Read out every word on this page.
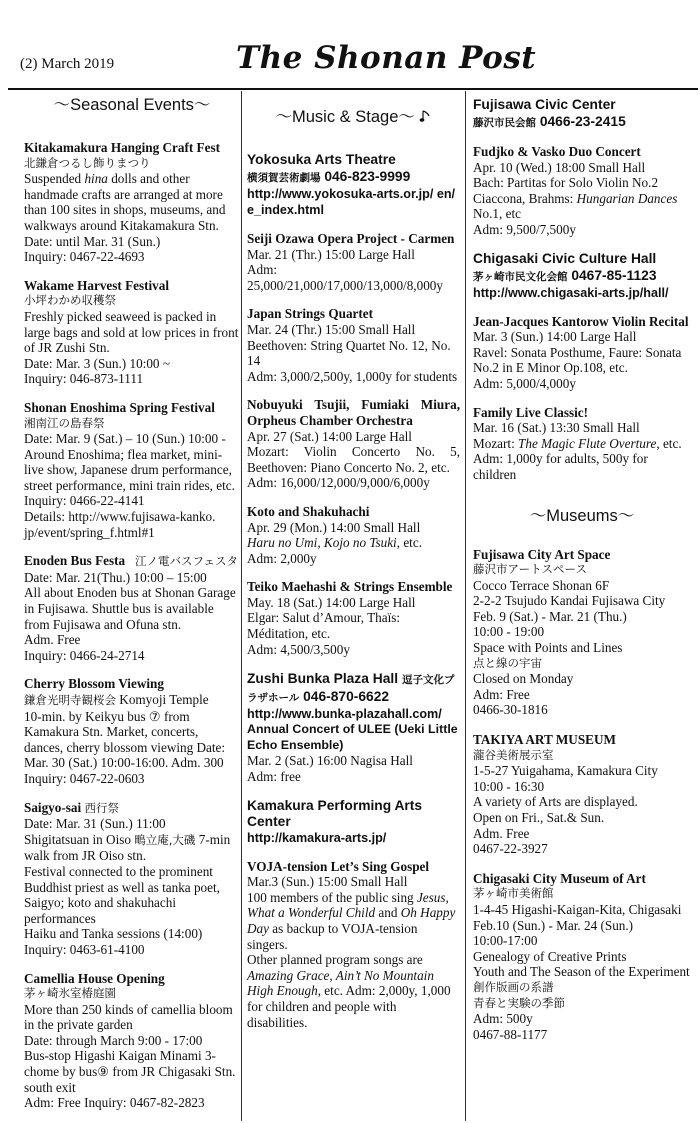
(2) March 2019	The Shonan Post
～Seasonal Events～
Kitakamakura Hanging Craft Fest
北鎌倉つるし飾りまつり
Suspended hina dolls and other handmade crafts are arranged at more than 100 sites in shops, museums, and walkways around Kitakamakura Stn.
Date: until Mar. 31 (Sun.)
Inquiry: 0467-22-4693
Wakame Harvest Festival
小坪わかめ収穫祭
Freshly picked seaweed is packed in large bags and sold at low prices in front of JR Zushi Stn.
Date: Mar. 3 (Sun.) 10:00 ~
Inquiry: 046-873-1111
Shonan Enoshima Spring Festival
湘南江の島春祭
Date: Mar. 9 (Sat.) – 10 (Sun.) 10:00 - Around Enoshima; flea market, mini-live show, Japanese drum performance, street performance, mini train rides, etc.
Inquiry: 0466-22-4141
Details: http://www.fujisawa-kanko. jp/event/spring_f.html#1
Enoden Bus Festa 江ノ電バスフェスタ
Date: Mar. 21(Thu.) 10:00 – 15:00
All about Enoden bus at Shonan Garage in Fujisawa. Shuttle bus is available from Fujisawa and Ofuna stn.
Adm. Free
Inquiry: 0466-24-2714
Cherry Blossom Viewing
鎌倉光明寺観桜会 Komyoji Temple
10-min. by Keikyu bus ⑦ from Kamakura Stn. Market, concerts, dances, cherry blossom viewing Date: Mar. 30 (Sat.) 10:00-16:00. Adm. 300
Inquiry: 0467-22-0603
Saigyo-sai 西行祭
Date: Mar. 31 (Sun.) 11:00
Shigitatsuan in Oiso 鴫立庵,大磯 7-min walk from JR Oiso stn.
Festival connected to the prominent Buddhist priest as well as tanka poet, Saigyo; koto and shakuhachi performances
Haiku and Tanka sessions (14:00)
Inquiry: 0463-61-4100
Camellia House Opening
茅ヶ崎氷室椿庭園
More than 250 kinds of camellia bloom in the private garden
Date: through March 9:00 - 17:00
Bus-stop Higashi Kaigan Minami 3-chome by bus⑨ from JR Chigasaki Stn. south exit
Adm: Free Inquiry: 0467-82-2823
～Music & Stage～
Yokosuka Arts Theatre
横須賀芸術劇場 046-823-9999
http://www.yokosuka-arts.or.jp/ en/e_index.html
Seiji Ozawa Opera Project - Carmen
Mar. 21 (Thr.) 15:00 Large Hall
Adm: 25,000/21,000/17,000/13,000/8,000y
Japan Strings Quartet
Mar. 24 (Thr.) 15:00 Small Hall
Beethoven: String Quartet No. 12, No. 14
Adm: 3,000/2,500y, 1,000y for students
Nobuyuki Tsujii, Fumiaki Miura, Orpheus Chamber Orchestra
Apr. 27 (Sat.) 14:00 Large Hall
Mozart: Violin Concerto No. 5, Beethoven: Piano Concerto No. 2, etc.
Adm: 16,000/12,000/9,000/6,000y
Koto and Shakuhachi
Apr. 29 (Mon.) 14:00 Small Hall
Haru no Umi, Kojo no Tsuki, etc.
Adm: 2,000y
Teiko Maehashi & Strings Ensemble
May. 18 (Sat.) 14:00 Large Hall
Elgar: Salut d’Amour, Thaïs: Méditation, etc.
Adm: 4,500/3,500y
Zushi Bunka Plaza Hall 逗子文化プラザホール 046-870-6622
http://www.bunka-plazahall.com/
Annual Concert of ULEE (Ueki Little Echo Ensemble)
Mar. 2 (Sat.) 16:00 Nagisa Hall
Adm: free
Kamakura Performing Arts Center
http://kamakura-arts.jp/
VOJA-tension Let’s Sing Gospel
Mar.3 (Sun.) 15:00 Small Hall
100 members of the public sing Jesus, What a Wonderful Child and Oh Happy Day as backup to VOJA-tension singers.
Other planned program songs are Amazing Grace, Ain’t No Mountain High Enough, etc. Adm: 2,000y, 1,000 for children and people with disabilities.
Fujisawa Civic Center
藤沢市民会館 0466-23-2415
Fudjko & Vasko Duo Concert
Apr. 10 (Wed.) 18:00 Small Hall
Bach: Partitas for Solo Violin No.2
Ciaccona, Brahms: Hungarian Dances No.1, etc
Adm: 9,500/7,500y
Chigasaki Civic Culture Hall
茅ヶ崎市民文化会館 0467-85-1123
http://www.chigasaki-arts.jp/hall/
Jean-Jacques Kantorow Violin Recital
Mar. 3 (Sun.) 14:00 Large Hall
Ravel: Sonata Posthume, Faure: Sonata No.2 in E Minor Op.108, etc.
Adm: 5,000/4,000y
Family Live Classic!
Mar. 16 (Sat.) 13:30 Small Hall
Mozart: The Magic Flute Overture, etc.
Adm: 1,000y for adults, 500y for children
～Museums～
Fujisawa City Art Space
藤沢市アートスペース
Cocco Terrace Shonan 6F
2-2-2 Tsujudo Kandai Fujisawa City
Feb. 9 (Sat.) - Mar. 21 (Thu.)
10:00 - 19:00
Space with Points and Lines
点と線の宇宙
Closed on Monday
Adm: Free
0466-30-1816
TAKIYA ART MUSEUM
瀧谷美術展示室
1-5-27 Yuigahama, Kamakura City
10:00 - 16:30
A variety of Arts are displayed.
Open on Fri., Sat.& Sun.
Adm. Free
0467-22-3927
Chigasaki City Museum of Art
茅ヶ崎市美術館
1-4-45 Higashi-Kaigan-Kita, Chigasaki
Feb.10 (Sun.) - Mar. 24 (Sun.)
10:00-17:00
Genealogy of Creative Prints
Youth and The Season of the Experiment
創作版画の系譜
青春と実験の季節
Adm: 500y
0467-88-1177
